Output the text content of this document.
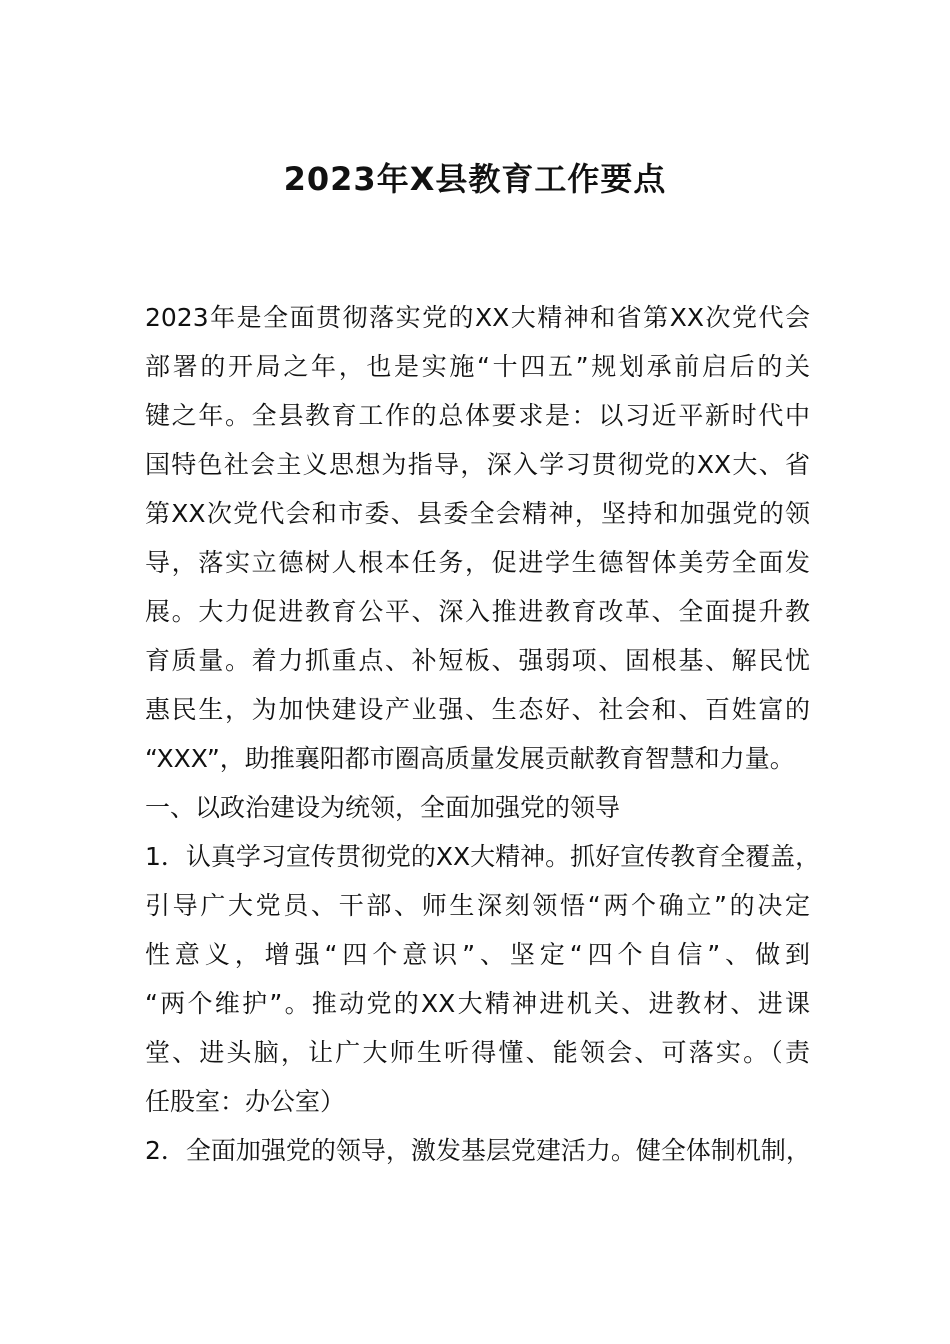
2023年X县教育工作要点
2023年是全面贯彻落实党的XX大精神和省第XX次党代会
部署的开局之年，也是实施“十四五”规划承前启后的关
键之年。全县教育工作的总体要求是：以习近平新时代中
国特色社会主义思想为指导，深入学习贯彻党的XX大、省
第XX次党代会和市委、县委全会精神，坚持和加强党的领
导，落实立德树人根本任务，促进学生德智体美劳全面发
展。大力促进教育公平、深入推进教育改革、全面提升教
育质量。着力抓重点、补短板、强弱项、固根基、解民忧
惠民生，为加快建设产业强、生态好、社会和、百姓富的
“XXX”，助推襄阳都市圈高质量发展贡献教育智慧和力量。
一、以政治建设为统领，全面加强党的领导
1．认真学习宣传贯彻党的XX大精神。抓好宣传教育全覆盖，
引导广大党员、干部、师生深刻领悟“两个确立”的决定
性意义，增强“四个意识”、坚定“四个自信”、做到
“两个维护”。推动党的XX大精神进机关、进教材、进课
堂、进头脑，让广大师生听得懂、能领会、可落实。（责
任股室：办公室）
2．全面加强党的领导，激发基层党建活力。健全体制机制，
